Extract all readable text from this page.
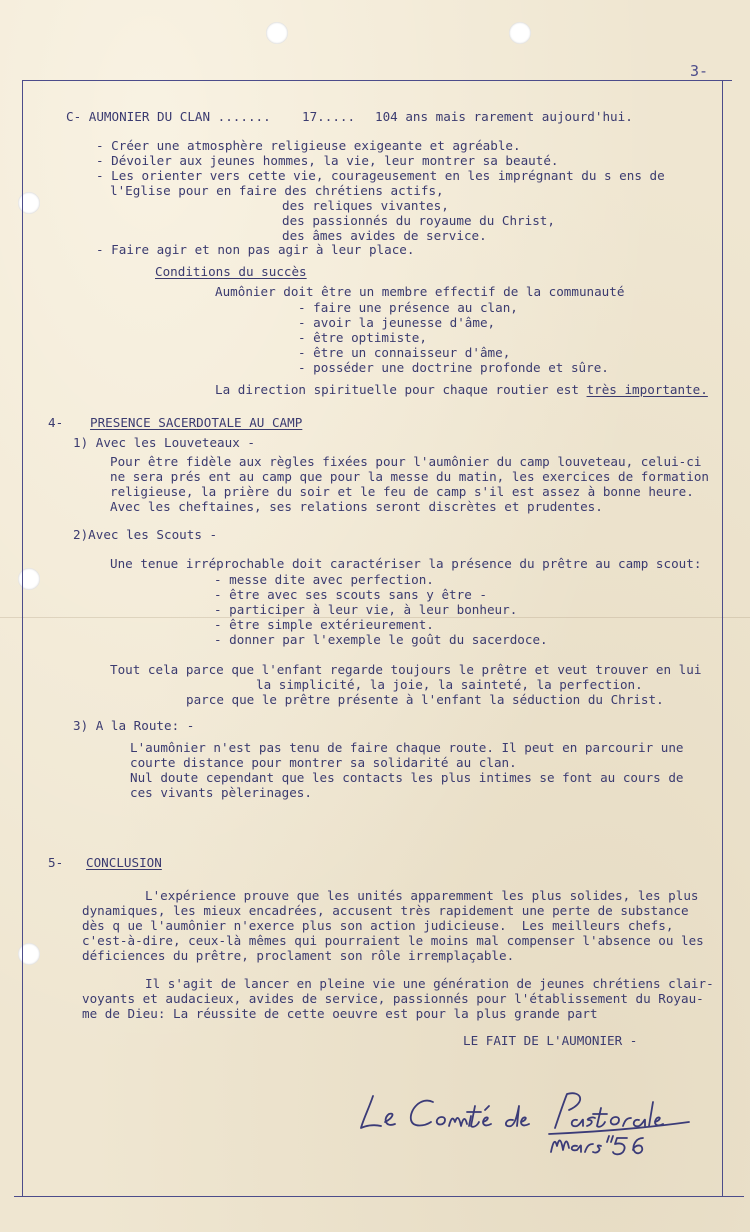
3-
C- AUMONIER DU CLAN ....... 17..... 104 ans mais rarement aujourd'hui.
- Créer une atmosphère religieuse exigeante et agréable.
- Dévoiler aux jeunes hommes, la vie, leur montrer sa beauté.
- Les orienter vers cette vie, courageusement en les imprégnant du s ens de
l'Eglise pour en faire des chrétiens actifs,
des reliques vivantes,
des passionnés du royaume du Christ,
des âmes avides de service.
- Faire agir et non pas agir à leur place.
Conditions du succès
Aumônier doit être un membre effectif de la communauté
- faire une présence au clan,
- avoir la jeunesse d'âme,
- être optimiste,
- être un connaisseur d'âme,
- posséder une doctrine profonde et sûre.
La direction spirituelle pour chaque routier est très importante.
4- PRESENCE SACERDOTALE AU CAMP
1) Avec les Louveteaux -
Pour être fidèle aux règles fixées pour l'aumônier du camp louveteau, celui-ci
ne sera prés ent au camp que pour la messe du matin, les exercices de formation
religieuse, la prière du soir et le feu de camp s'il est assez à bonne heure.
Avec les cheftaines, ses relations seront discrètes et prudentes.
2)Avec les Scouts -
Une tenue irréprochable doit caractériser la présence du prêtre au camp scout:
- messe dite avec perfection.
- être avec ses scouts sans y être -
- participer à leur vie, à leur bonheur.
- être simple extérieurement.
- donner par l'exemple le goût du sacerdoce.
Tout cela parce que l'enfant regarde toujours le prêtre et veut trouver en lui
la simplicité, la joie, la sainteté, la perfection.
parce que le prêtre présente à l'enfant la séduction du Christ.
3) A la Route: -
L'aumônier n'est pas tenu de faire chaque route. Il peut en parcourir une
courte distance pour montrer sa solidarité au clan.
Nul doute cependant que les contacts les plus intimes se font au cours de
ces vivants pèlerinages.
5- CONCLUSION
L'expérience prouve que les unités apparemment les plus solides, les plus
dynamiques, les mieux encadrées, accusent très rapidement une perte de substance
dès q ue l'aumônier n'exerce plus son action judicieuse.  Les meilleurs chefs,
c'est-à-dire, ceux-là mêmes qui pourraient le moins mal compenser l'absence ou les
déficiences du prêtre, proclament son rôle irremplaçable.
Il s'agit de lancer en pleine vie une génération de jeunes chrétiens clair-
voyants et audacieux, avides de service, passionnés pour l'établissement du Royau-
me de Dieu: La réussite de cette oeuvre est pour la plus grande part
LE FAIT DE L'AUMONIER -
